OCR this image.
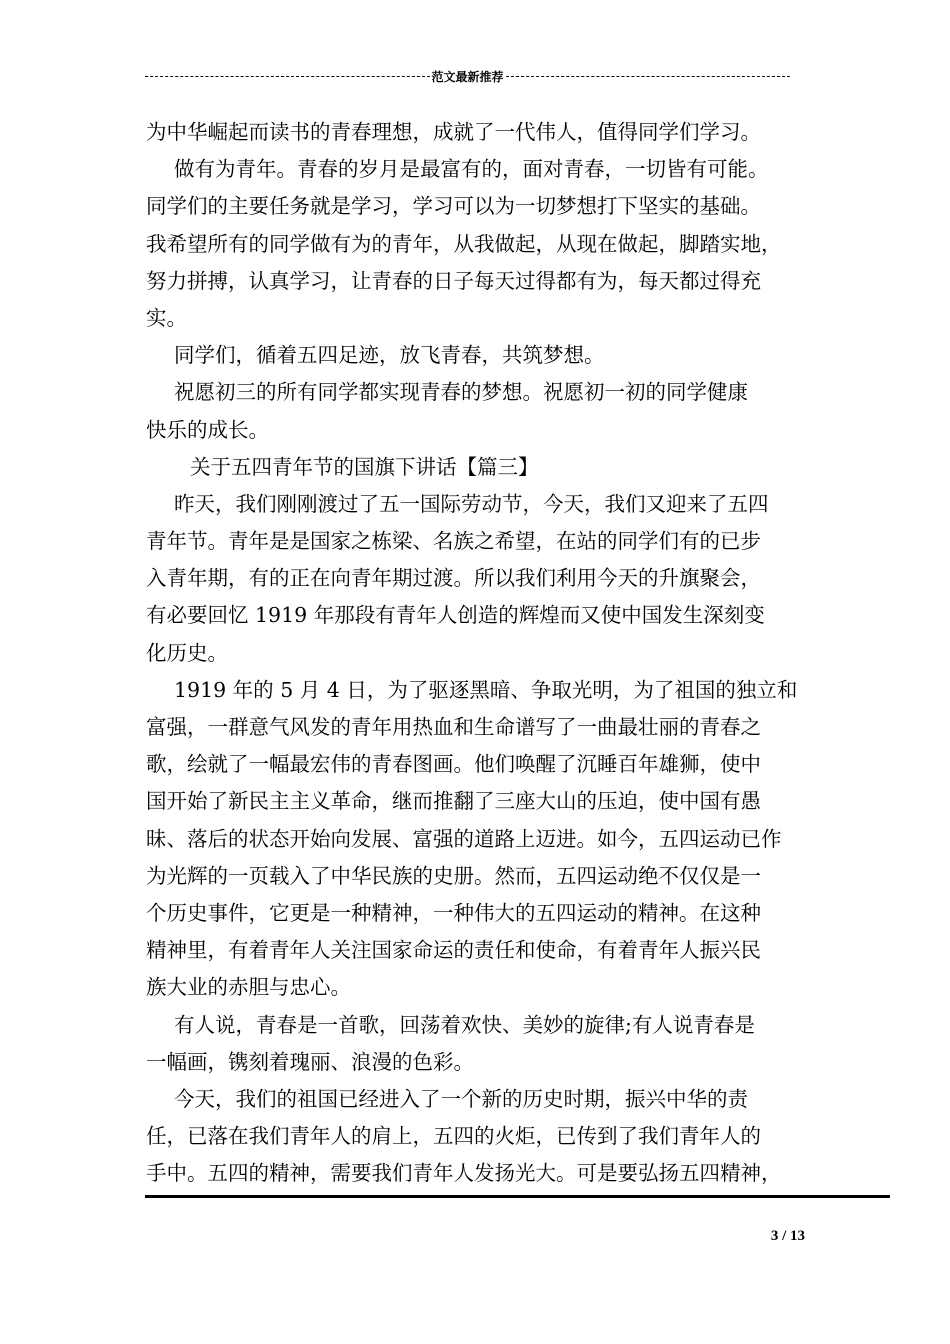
范文最新推荐
为中华崛起而读书的青春理想，成就了一代伟人，值得同学们学习。
做有为青年。青春的岁月是最富有的，面对青春，一切皆有可能。
同学们的主要任务就是学习，学习可以为一切梦想打下坚实的基础。
我希望所有的同学做有为的青年，从我做起，从现在做起，脚踏实地，
努力拼搏，认真学习，让青春的日子每天过得都有为，每天都过得充
实。
同学们，循着五四足迹，放飞青春，共筑梦想。
祝愿初三的所有同学都实现青春的梦想。祝愿初一初的同学健康
快乐的成长。
关于五四青年节的国旗下讲话【篇三】
昨天，我们刚刚渡过了五一国际劳动节，今天，我们又迎来了五四
青年节。青年是是国家之栋梁、名族之希望，在站的同学们有的已步
入青年期，有的正在向青年期过渡。所以我们利用今天的升旗聚会，
有必要回忆 1919 年那段有青年人创造的辉煌而又使中国发生深刻变
化历史。
1919 年的 5 月 4 日，为了驱逐黑暗、争取光明，为了祖国的独立和
富强，一群意气风发的青年用热血和生命谱写了一曲最壮丽的青春之
歌，绘就了一幅最宏伟的青春图画。他们唤醒了沉睡百年雄狮，使中
国开始了新民主主义革命，继而推翻了三座大山的压迫，使中国有愚
昧、落后的状态开始向发展、富强的道路上迈进。如今，五四运动已作
为光辉的一页载入了中华民族的史册。然而，五四运动绝不仅仅是一
个历史事件，它更是一种精神，一种伟大的五四运动的精神。在这种
精神里，有着青年人关注国家命运的责任和使命，有着青年人振兴民
族大业的赤胆与忠心。
有人说，青春是一首歌，回荡着欢快、美妙的旋律;有人说青春是
一幅画，镌刻着瑰丽、浪漫的色彩。
今天，我们的祖国已经进入了一个新的历史时期，振兴中华的责
任，已落在我们青年人的肩上，五四的火炬，已传到了我们青年人的
手中。五四的精神，需要我们青年人发扬光大。可是要弘扬五四精神，
3 / 13
